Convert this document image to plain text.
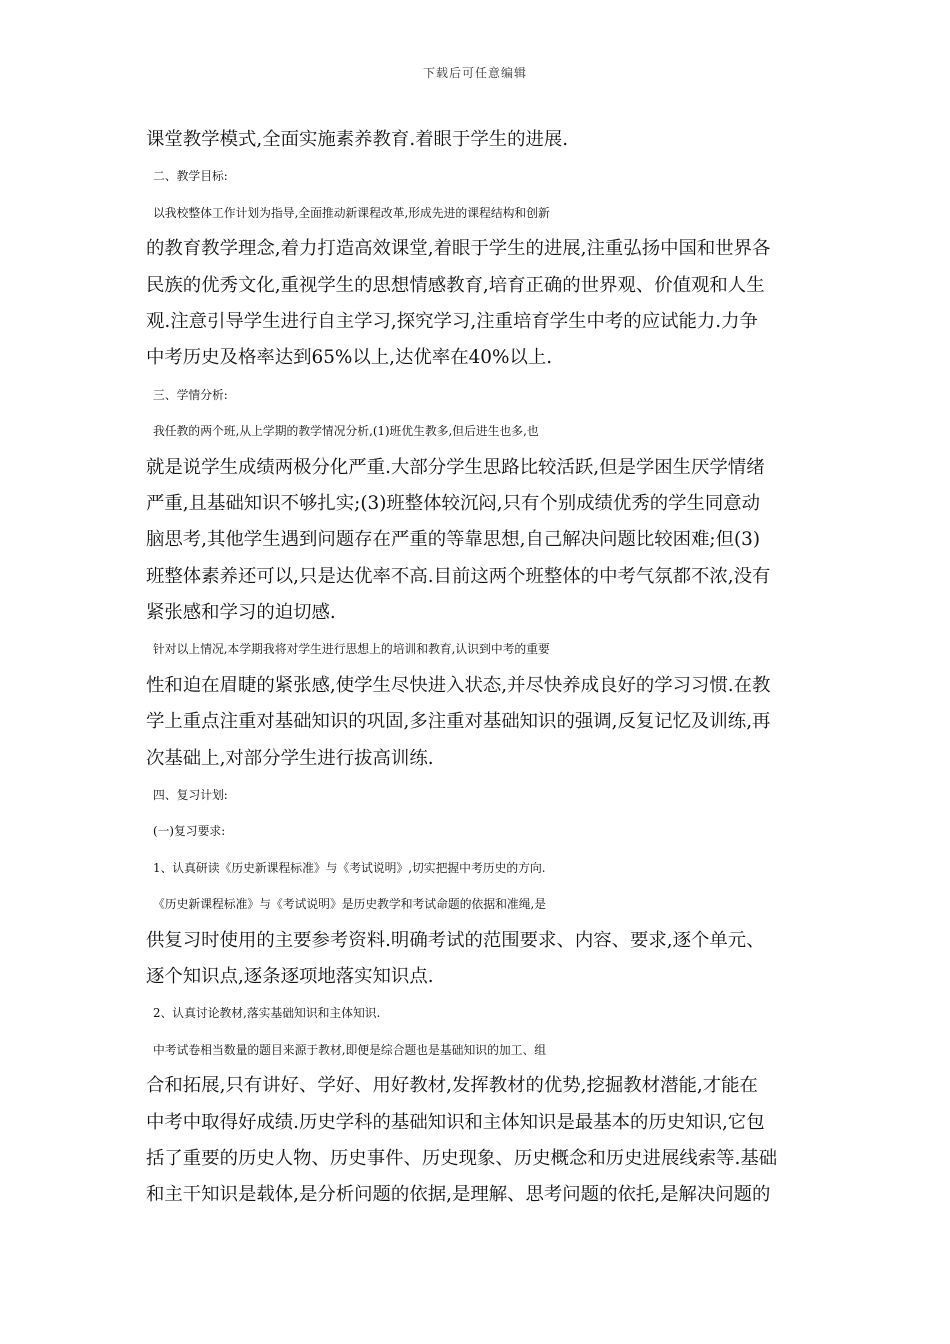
下载后可任意编辑
课堂教学模式,全面实施素养教育.着眼于学生的进展.
二、教学目标:
以我校整体工作计划为指导,全面推动新课程改革,形成先进的课程结构和创新
的教育教学理念,着力打造高效课堂,着眼于学生的进展,注重弘扬中国和世界各
民族的优秀文化,重视学生的思想情感教育,培育正确的世界观、价值观和人生
观.注意引导学生进行自主学习,探究学习,注重培育学生中考的应试能力.力争
中考历史及格率达到65%以上,达优率在40%以上.
三、学情分析:
我任教的两个班,从上学期的教学情况分析,(1)班优生教多,但后进生也多,也
就是说学生成绩两极分化严重.大部分学生思路比较活跃,但是学困生厌学情绪
严重,且基础知识不够扎实;(3)班整体较沉闷,只有个别成绩优秀的学生同意动
脑思考,其他学生遇到问题存在严重的等靠思想,自己解决问题比较困难;但(3)
班整体素养还可以,只是达优率不高.目前这两个班整体的中考气氛都不浓,没有
紧张感和学习的迫切感.
针对以上情况,本学期我将对学生进行思想上的培训和教育,认识到中考的重要
性和迫在眉睫的紧张感,使学生尽快进入状态,并尽快养成良好的学习习惯.在教
学上重点注重对基础知识的巩固,多注重对基础知识的强调,反复记忆及训练,再
次基础上,对部分学生进行拔高训练.
四、复习计划:
(一)复习要求:
1、认真研读《历史新课程标准》与《考试说明》,切实把握中考历史的方向.
《历史新课程标准》与《考试说明》是历史教学和考试命题的依据和准绳,是
供复习时使用的主要参考资料.明确考试的范围要求、内容、要求,逐个单元、
逐个知识点,逐条逐项地落实知识点.
2、认真讨论教材,落实基础知识和主体知识.
中考试卷相当数量的题目来源于教材,即便是综合题也是基础知识的加工、组
合和拓展,只有讲好、学好、用好教材,发挥教材的优势,挖掘教材潜能,才能在
中考中取得好成绩.历史学科的基础知识和主体知识是最基本的历史知识,它包
括了重要的历史人物、历史事件、历史现象、历史概念和历史进展线索等.基础
和主干知识是载体,是分析问题的依据,是理解、思考问题的依托,是解决问题的
